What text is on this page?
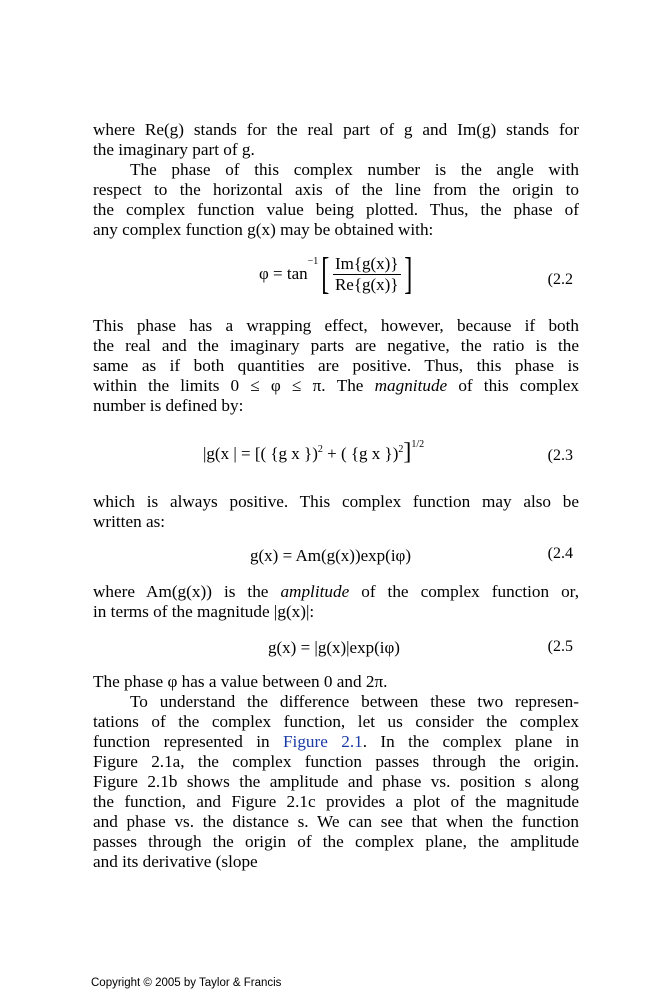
where Re(g) stands for the real part of g and Im(g) stands for
the imaginary part of g.

The phase of this complex number is the angle with
respect to the horizontal axis of the line from the origin to
the complex function value being plotted. Thus, the phase of
any complex function g(x) may be obtained with:

$\varphi = \tan^{-1}[ \frac{Im\{g(x)\}}{Re\{g(x)\}}$ ]	(2.2

This phase has a wrapping effect, however, because if both
the real and the imaginary parts are negative, the ratio is the
same as if both quantities are positive. Thus, this phase is
within the limits 0 ≤ φ ≤ π. The magnitude of this complex
number is defined by:

|g(x | = [( {g x })$^2$ + ( {g x })$^2$]$^{1/2}$
(2.3

which is always positive. This complex function may also be
written as:

g(x) = Am(g(x))exp(iφ)	(2.4

where Am(g(x)) is the amplitude of the complex function or,
in terms of the magnitude |g(x)|:

g(x) = |g(x)|exp(iφ)	(2.5

The phase φ has a value between 0 and 2π.

To understand the difference between these two represen-
tations of the complex function, let us consider the complex
function represented in Figure 2.1. In the complex plane in
Figure 2.1a, the complex function passes through the origin.
Figure 2.1b shows the amplitude and phase vs. position s along
the function, and Figure 2.1c provides a plot of the magnitude
and phase vs. the distance s. We can see that when the function
passes through the origin of the complex plane, the amplitude
and its derivative (slope

Copyright © 2005 by Taylor & Francis
